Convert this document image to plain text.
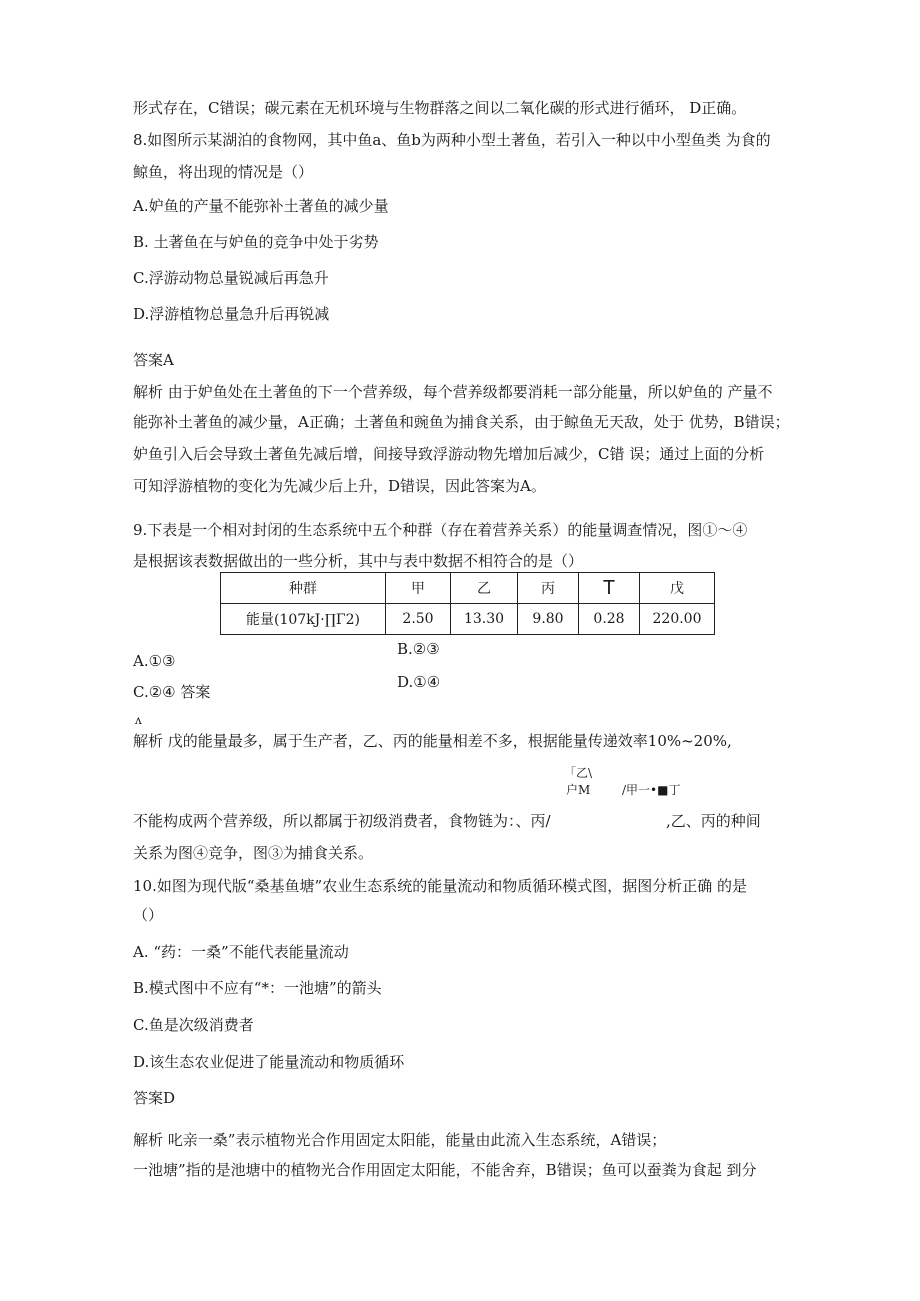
形式存在，C错误；碳元素在无机环境与生物群落之间以二氧化碳的形式进行循环， D正确。
8.如图所示某湖泊的食物网，其中鱼a、鱼b为两种小型土著鱼，若引入一种以中小型鱼类 为食的
鲸鱼，将出现的情况是（）
A.妒鱼的产量不能弥补土著鱼的减少量
B. 土著鱼在与妒鱼的竞争中处于劣势
C.浮游动物总量锐减后再急升
D.浮游植物总量急升后再锐减
答案A
解析 由于妒鱼处在土著鱼的下一个营养级，每个营养级都要消耗一部分能量，所以妒鱼的 产量不
能弥补土著鱼的减少量，A正确；土著鱼和豌鱼为捕食关系，由于鲸鱼无天敌，处于 优势，B错误；
妒鱼引入后会导致土著鱼先减后增，间接导致浮游动物先增加后减少，C错 误；通过上面的分析
可知浮游植物的变化为先减少后上升，D错误，因此答案为A。
9.下表是一个相对封闭的生态系统中五个种群（存在着营养关系）的能量调查情况，图①～④
是根据该表数据做出的一些分析，其中与表中数据不相符合的是（）
种群	甲	乙	丙	T	戊
能量(107kJ·∏Γ2)	2.50	13.30	9.80	0.28	220.00
B.②③
A.①③
D.①④
C.②④ 答案
ʌ
解析 戊的能量最多，属于生产者，乙、丙的能量相差不多，根据能量传递效率10%~20%,
「乙\
户M	/甲一•■丁
不能构成两个营养级，所以都属于初级消费者，食物链为：、丙/	,乙、丙的种间
关系为图④竞争，图③为捕食关系。
10.如图为现代版“桑基鱼塘”农业生态系统的能量流动和物质循环模式图，据图分析正确 的是
（）
A. “药：一桑”不能代表能量流动
B.模式图中不应有“*：一池塘”的箭头
C.鱼是次级消费者
D.该生态农业促进了能量流动和物质循环
答案D
解析 叱亲一桑”表示植物光合作用固定太阳能，能量由此流入生态系统，A错误；
一池塘”指的是池塘中的植物光合作用固定太阳能，不能舍弃，B错误；鱼可以蚕粪为食起 到分
